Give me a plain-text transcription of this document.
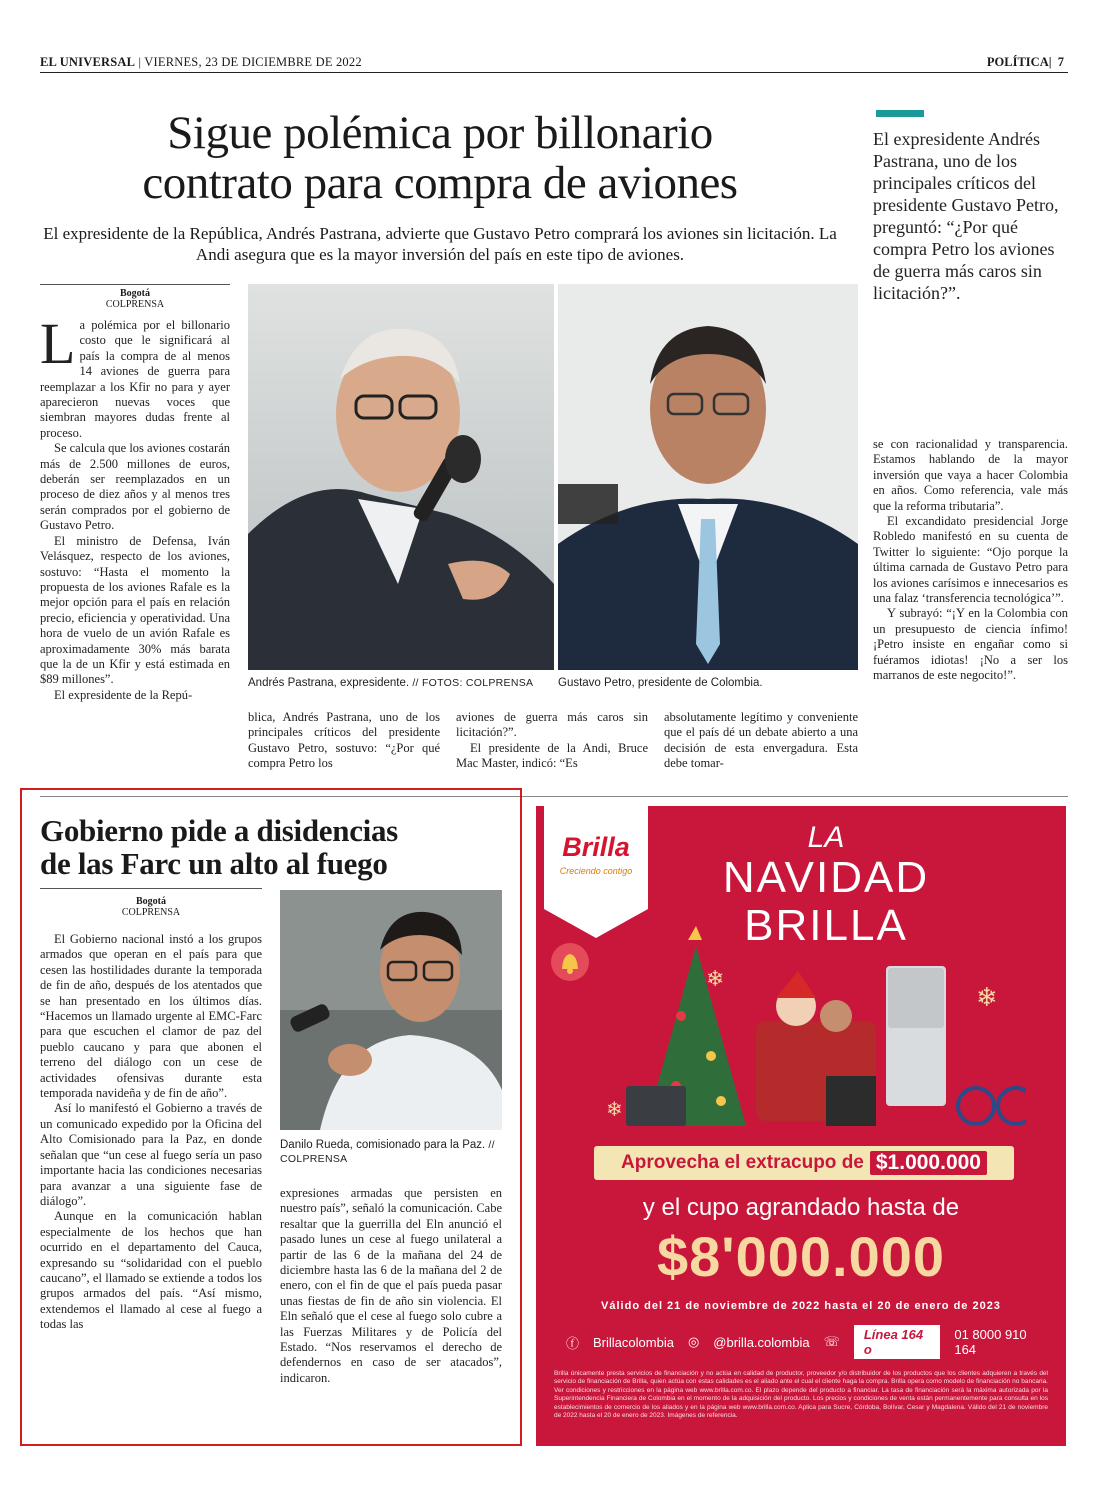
EL UNIVERSAL | VIERNES, 23 DE DICIEMBRE DE 2022	POLÍTICA|  7
Sigue polémica por billonario
contrato para compra de aviones
El expresidente de la República, Andrés Pastrana, advierte que Gustavo Petro comprará los aviones sin licitación. La Andi asegura que es la mayor inversión del país en este tipo de aviones.
El expresidente Andrés Pastrana, uno de los principales críticos del presidente Gustavo Petro, preguntó: “¿Por qué compra Petro los aviones de guerra más caros sin licitación?”.
Bogotá
COLPRENSA

La polémica por el billonario costo que le significará al país la compra de al menos 14 aviones de guerra para reemplazar a los Kfir no para y ayer aparecieron nuevas voces que siembran mayores dudas frente al proceso.

Se calcula que los aviones costarán más de 2.500 millones de euros, deberán ser reemplazados en un proceso de diez años y al menos tres serán comprados por el gobierno de Gustavo Petro.

El ministro de Defensa, Iván Velásquez, respecto de los aviones, sostuvo: “Hasta el momento la propuesta de los aviones Rafale es la mejor opción para el país en relación precio, eficiencia y operatividad. Una hora de vuelo de un avión Rafale es aproximadamente 30% más barata que la de un Kfir y está estimada en $89 millones”.

El expresidente de la Repú-

Andrés Pastrana, expresidente. // FOTOS: COLPRENSA	Gustavo Petro, presidente de Colombia.

blica, Andrés Pastrana, uno de los principales críticos del presidente Gustavo Petro, sostuvo: “¿Por qué compra Petro los

aviones de guerra más caros sin licitación?”.

El presidente de la Andi, Bruce Mac Master, indicó: “Es

absolutamente legítimo y conveniente que el país dé un debate abierto a una decisión de esta envergadura. Esta debe tomar-

se con racionalidad y transparencia. Estamos hablando de la mayor inversión que vaya a hacer Colombia en años. Como referencia, vale más que la reforma tributaria”.

El excandidato presidencial Jorge Robledo manifestó en su cuenta de Twitter lo siguiente: “Ojo porque la última carnada de Gustavo Petro para los aviones carísimos e innecesarios es una falaz ‘transferencia tecnológica’”.

Y subrayó: “¡Y en la Colombia con un presupuesto de ciencia ínfimo! ¡Petro insiste en engañar como si fuéramos idiotas! ¡No a ser los marranos de este negocito!”.

Gobierno pide a disidencias
de las Farc un alto al fuego
Bogotá
COLPRENSA

El Gobierno nacional instó a los grupos armados que operan en el país para que cesen las hostilidades durante la temporada de fin de año, después de los atentados que se han presentado en los últimos días. “Hacemos un llamado urgente al EMC-Farc para que escuchen el clamor de paz del pueblo caucano y para que abonen el terreno del diálogo con un cese de actividades ofensivas durante esta temporada navideña y de fin de año”.

Así lo manifestó el Gobierno a través de un comunicado expedido por la Oficina del Alto Comisionado para la Paz, en donde señalan que “un cese al fuego sería un paso importante hacia las condiciones necesarias para avanzar a una siguiente fase de diálogo”.

Aunque en la comunicación hablan especialmente de los hechos que han ocurrido en el departamento del Cauca, expresando su “solidaridad con el pueblo caucano”, el llamado se extiende a todos los grupos armados del país. “Así mismo, extendemos el llamado al cese al fuego a todas las

Danilo Rueda, comisionado para la Paz. // COLPRENSA

expresiones armadas que persisten en nuestro país”, señaló la comunicación. Cabe resaltar que la guerrilla del Eln anunció el pasado lunes un cese al fuego unilateral a partir de las 6 de la mañana del 24 de diciembre hasta las 6 de la mañana del 2 de enero, con el fin de que el país pueda pasar unas fiestas de fin de año sin violencia. El Eln señaló que el cese al fuego solo cubre a las Fuerzas Militares y de Policía del Estado. “Nos reservamos el derecho de defendernos en caso de ser atacados”, indicaron.

Brilla
Creciendo contigo
LA
NAVIDAD
BRILLA
❄
❄
❄
Aprovecha el extracupo de $1.000.000
y el cupo agrandado hasta de
$8'000.000
Válido del 21 de noviembre de 2022 hasta el 20 de enero de 2023
ⓕ Brillacolombia ◎ @brilla.colombia ☏	Línea 164 o
01 8000 910 164
Brilla únicamente presta servicios de financiación y no actúa en calidad de productor, proveedor y/o distribuidor de los productos que los clientes adquieren a través del servicio de financiación de Brilla, quien actúa con estas calidades es el aliado ante el cual el cliente haga la compra. Brilla opera como modelo de financiación no bancaria. Ver condiciones y restricciones en la página web www.brilla.com.co. El plazo depende del producto a financiar. La tasa de financiación será la máxima autorizada por la Superintendencia Financiera de Colombia en el momento de la adquisición del producto. Los precios y condiciones de venta están permanentemente para consulta en los establecimientos de comercio de los aliados y en la página web www.brilla.com.co. Aplica para Sucre, Córdoba, Bolívar, Cesar y Magdalena. Válido del 21 de noviembre de 2022 hasta el 20 de enero de 2023. Imágenes de referencia.
